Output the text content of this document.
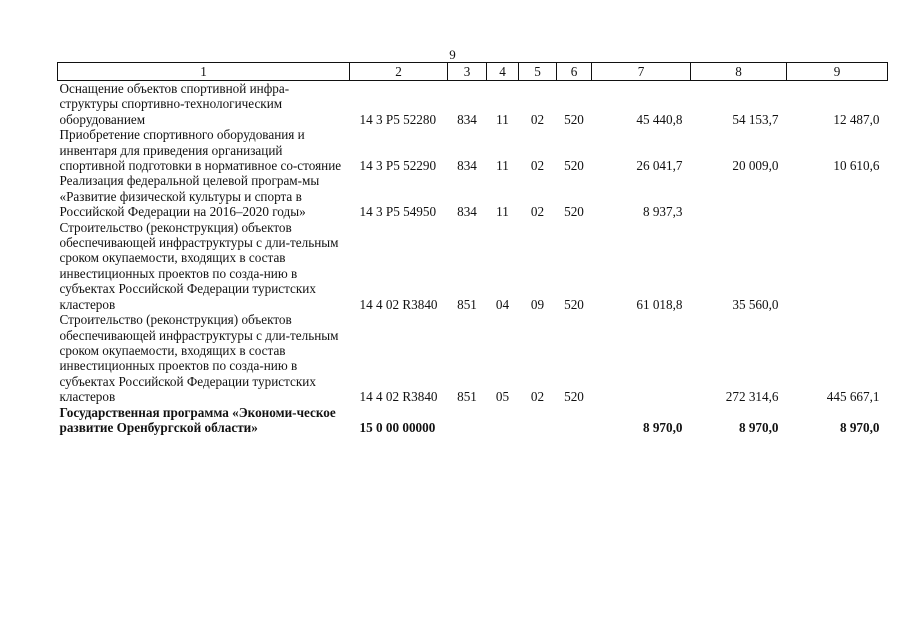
9
1	2	3	4	5	6	7	8	9
Оснащение объектов спортивной инфра-структуры спортивно-технологическим оборудованием	14 3 P5 52280	834	11	02	520	45 440,8	54 153,7	12 487,0
Приобретение спортивного оборудования и инвентаря для приведения организаций спортивной подготовки в нормативное со-стояние	14 3 P5 52290	834	11	02	520	26 041,7	20 009,0	10 610,6
Реализация федеральной целевой програм-мы «Развитие физической культуры и спорта в Российской Федерации на 2016–2020 годы»	14 3 P5 54950	834	11	02	520	8 937,3		
Строительство (реконструкция) объектов обеспечивающей инфраструктуры с дли-тельным сроком окупаемости, входящих в состав инвестиционных проектов по созда-нию в субъектах Российской Федерации туристских кластеров	14 4 02 R3840	851	04	09	520	61 018,8	35 560,0	
Строительство (реконструкция) объектов обеспечивающей инфраструктуры с дли-тельным сроком окупаемости, входящих в состав инвестиционных проектов по созда-нию в субъектах Российской Федерации туристских кластеров	14 4 02 R3840	851	05	02	520		272 314,6	445 667,1
Государственная программа «Экономи-ческое развитие Оренбургской области»	15 0 00 00000					8 970,0	8 970,0	8 970,0
